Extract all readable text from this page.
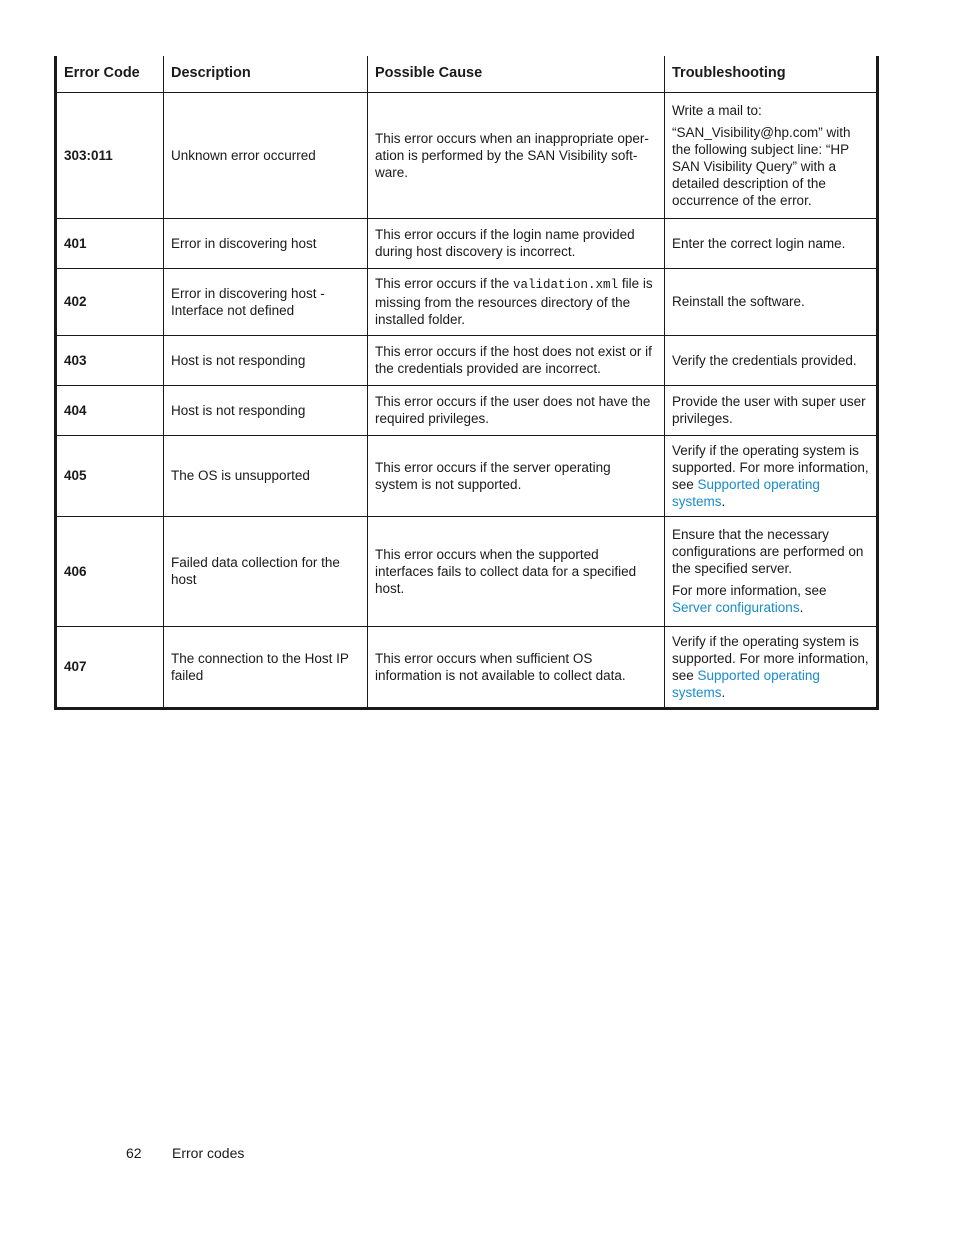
Error Code	Description	Possible Cause	Troubleshooting
303:011	Unknown error occurred	This error occurs when an inappropriate operation is performed by the SAN Visibility software.	Write a mail to:
“SAN_Visibility@hp.com” with the following subject line: “HP SAN Visibility Query” with a detailed description of the occurrence of the error.

401	Error in discovering host	This error occurs if the login name provided during host discovery is incorrect.	Enter the correct login name.
402	Error in discovering host - Interface not defined	This error occurs if the validation.xml file is missing from the resources directory of the installed folder.	Reinstall the software.
403	Host is not responding	This error occurs if the host does not exist or if the credentials provided are incorrect.	Verify the credentials provided.
404	Host is not responding	This error occurs if the user does not have the required privileges.	Provide the user with super user privileges.
405	The OS is unsupported	This error occurs if the server operating system is not supported.	Verify if the operating system is supported. For more information, see Supported operating systems.
406	Failed data collection for the host	This error occurs when the supported interfaces fails to collect data for a specified host.	Ensure that the necessary configurations are performed on the specified server.
For more information, see Server configurations.

407	The connection to the Host IP failed	This error occurs when sufficient OS information is not available to collect data.	Verify if the operating system is supported. For more information, see Supported operating systems.
62 Error codes
